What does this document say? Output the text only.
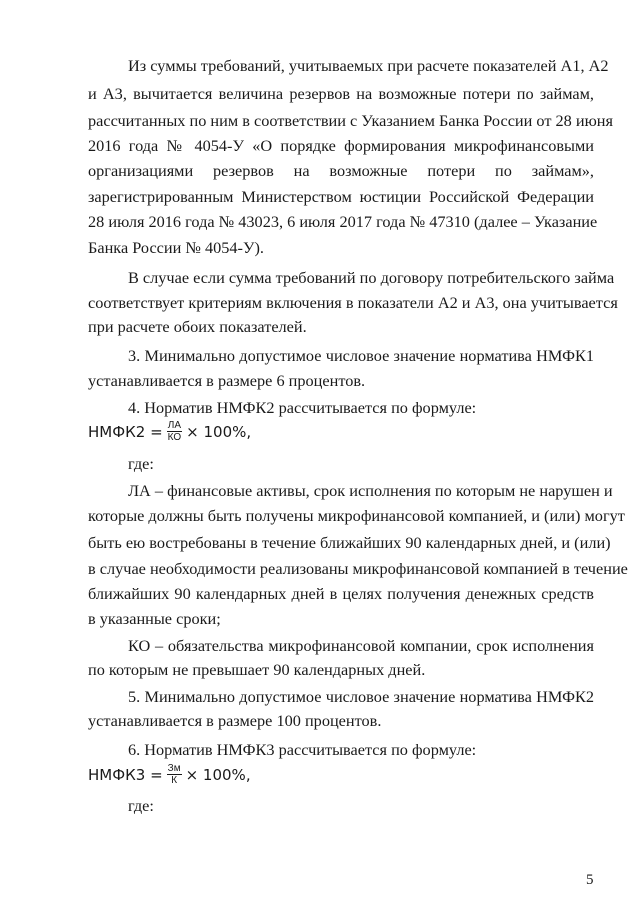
Из суммы требований, учитываемых при расчете показателей А1, А2
и А3, вычитается величина резервов на возможные потери по займам,
рассчитанных по ним в соответствии с Указанием Банка России от 28 июня
2016 года № 4054-У «О порядке формирования микрофинансовыми
организациями резервов на возможные потери по займам»,
зарегистрированным Министерством юстиции Российской Федерации
28 июля 2016 года № 43023, 6 июля 2017 года № 47310 (далее – Указание
Банка России № 4054-У).
В случае если сумма требований по договору потребительского займа
соответствует критериям включения в показатели А2 и А3, она учитывается
при расчете обоих показателей.
3. Минимально допустимое числовое значение норматива НМФК1
устанавливается в размере 6 процентов.
4. Норматив НМФК2 рассчитывается по формуле:
НМФК2 = $\frac{ЛА}{КО} \times 100\%$,
где:
ЛА – финансовые активы, срок исполнения по которым не нарушен и
которые должны быть получены микрофинансовой компанией, и (или) могут
быть ею востребованы в течение ближайших 90 календарных дней, и (или)
в случае необходимости реализованы микрофинансовой компанией в течение
ближайших 90 календарных дней в целях получения денежных средств
в указанные сроки;
КО – обязательства микрофинансовой компании, срок исполнения
по которым не превышает 90 календарных дней.
5. Минимально допустимое числовое значение норматива НМФК2
устанавливается в размере 100 процентов.
6. Норматив НМФК3 рассчитывается по формуле:
НМФК3 = $\frac{Зм}{К} \times 100\%$,
где:
5
